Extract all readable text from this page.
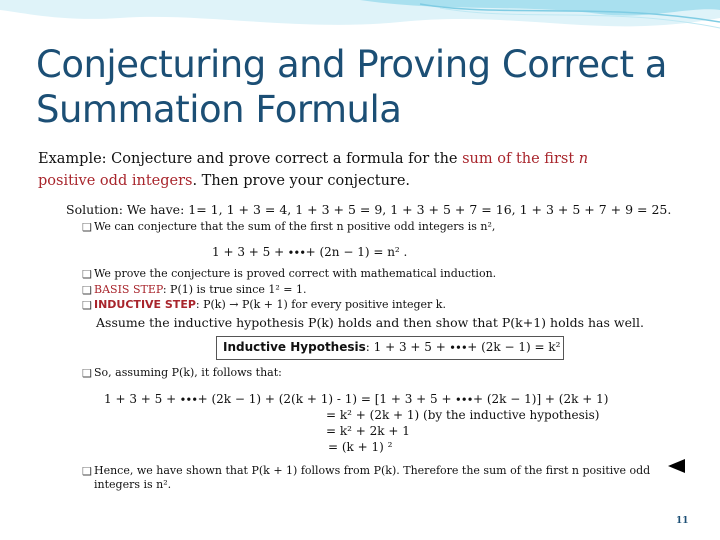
Conjecturing and Proving Correct a
Summation Formula
Example: Conjecture and prove correct a formula for the sum of the first n
positive odd integers. Then prove your conjecture.
Solution: We have: 1= 1, 1 + 3 = 4, 1 + 3 + 5 = 9, 1 + 3 + 5 + 7 = 16, 1 + 3 + 5 + 7 + 9 = 25.
❑ We can conjecture that the sum of the first n positive odd integers is n²,
1 + 3 + 5 + ∙∙∙+ (2n − 1) = n² .
❑ We prove the conjecture is proved correct with mathematical induction.
❑ BASIS STEP: P(1) is true since 1² = 1.
❑ INDUCTIVE STEP: P(k) → P(k + 1) for every positive integer k.
Assume the inductive hypothesis P(k) holds and then show that P(k+1) holds has well.
Inductive Hypothesis: 1 + 3 + 5 + ∙∙∙+ (2k − 1) = k²
❑ So, assuming P(k), it follows that:
1 + 3 + 5 + ∙∙∙+ (2k − 1) + (2(k + 1) - 1) = [1 + 3 + 5 + ∙∙∙+ (2k − 1)] + (2k + 1)
= k² + (2k + 1) (by the inductive hypothesis)
= k² + 2k + 1
= (k + 1) ²
❑ Hence, we have shown that P(k + 1) follows from P(k). Therefore the sum of the first n positive odd
integers is n².
11
